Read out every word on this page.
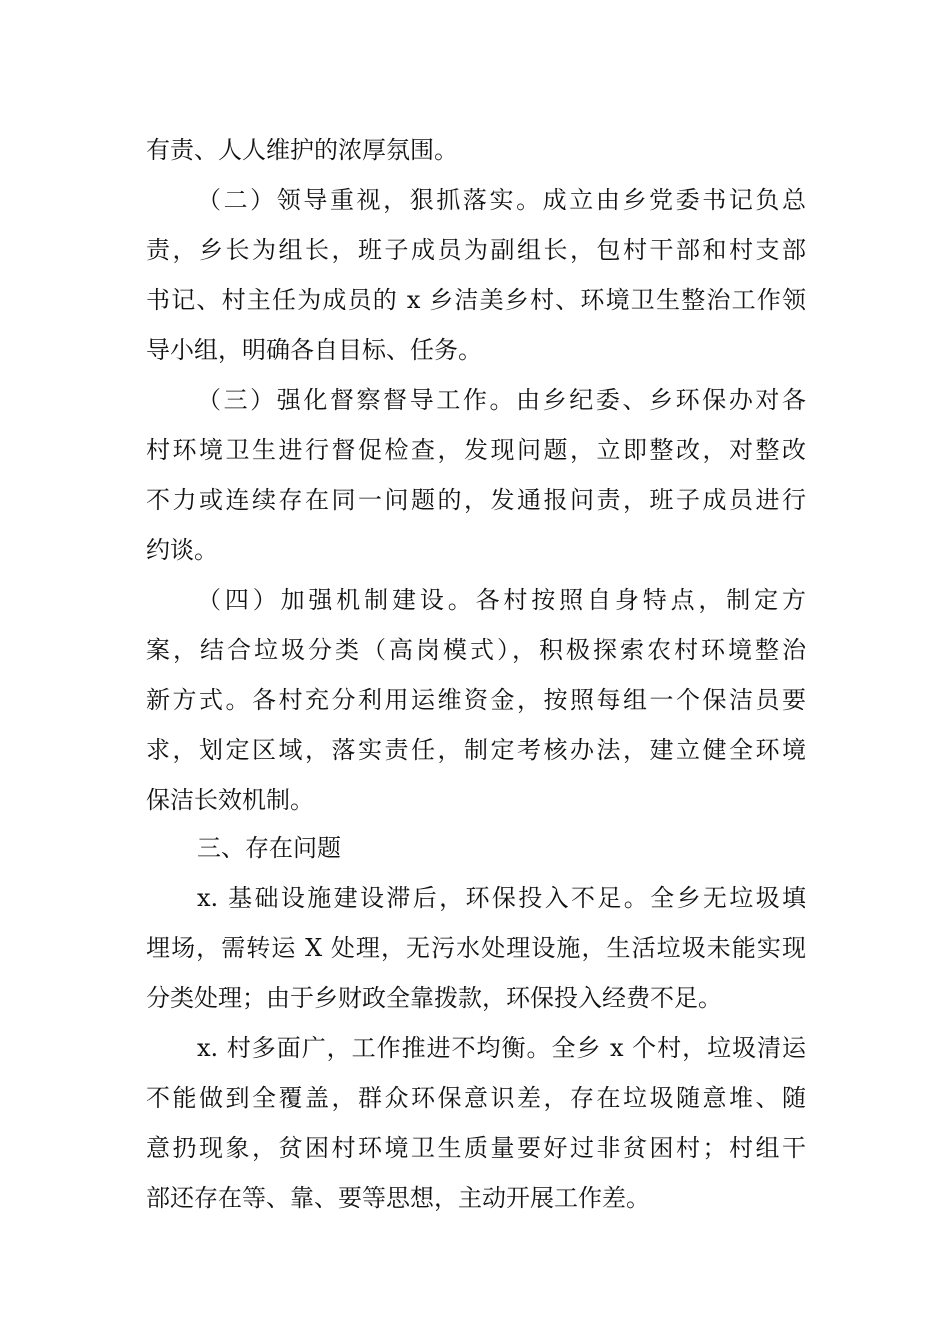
有责、人人维护的浓厚氛围。
（二）领导重视，狠抓落实。成立由乡党委书记负总
责，乡长为组长，班子成员为副组长，包村干部和村支部
书记、村主任为成员的 x 乡洁美乡村、环境卫生整治工作领
导小组，明确各自目标、任务。
（三）强化督察督导工作。由乡纪委、乡环保办对各
村环境卫生进行督促检查，发现问题，立即整改，对整改
不力或连续存在同一问题的，发通报问责，班子成员进行
约谈。
（四）加强机制建设。各村按照自身特点，制定方
案，结合垃圾分类（高岗模式），积极探索农村环境整治
新方式。各村充分利用运维资金，按照每组一个保洁员要
求，划定区域，落实责任，制定考核办法，建立健全环境
保洁长效机制。
三、存在问题
x. 基础设施建设滞后，环保投入不足。全乡无垃圾填
埋场，需转运 X 处理，无污水处理设施，生活垃圾未能实现
分类处理；由于乡财政全靠拨款，环保投入经费不足。
x. 村多面广，工作推进不均衡。全乡 x 个村，垃圾清运
不能做到全覆盖，群众环保意识差，存在垃圾随意堆、随
意扔现象，贫困村环境卫生质量要好过非贫困村；村组干
部还存在等、靠、要等思想，主动开展工作差。
